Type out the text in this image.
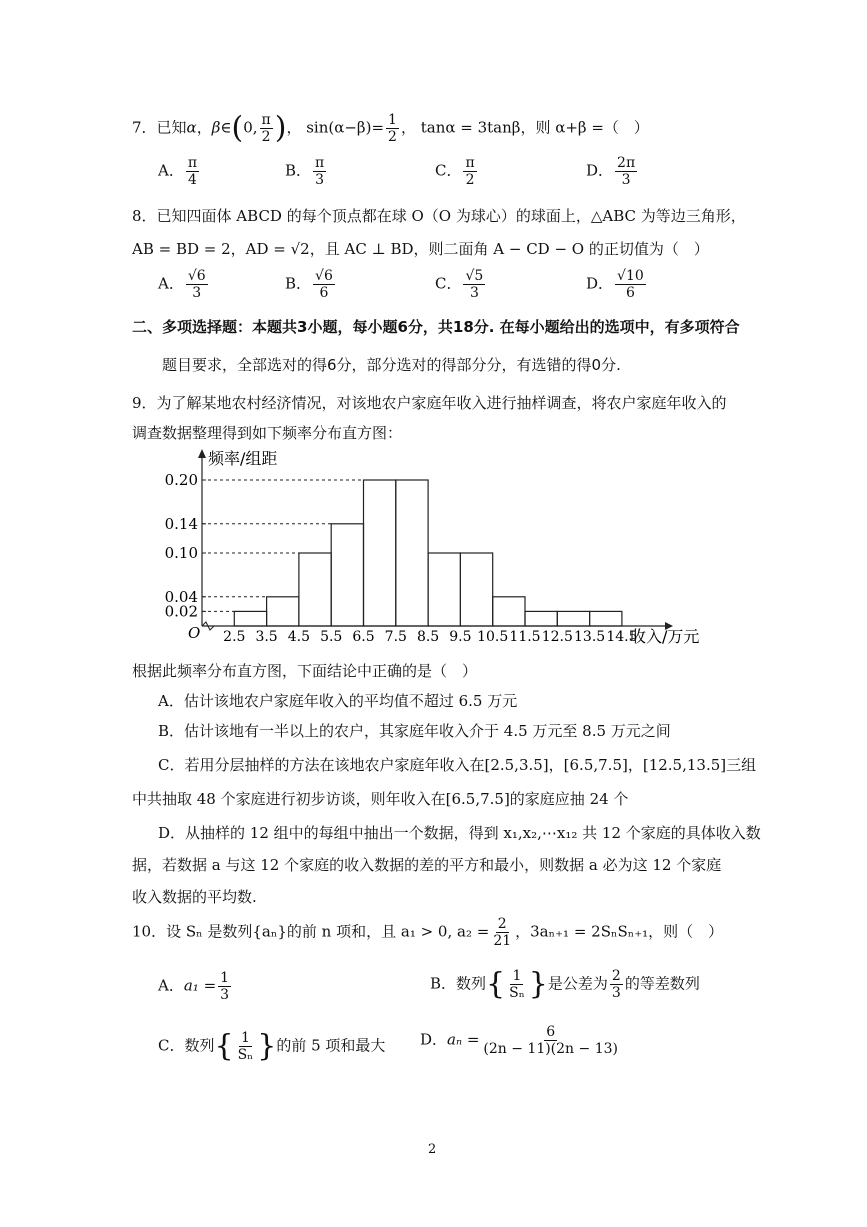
7．已知α，β∈(0, $\frac{\pi}{2}$ )， $\sin(\alpha-\beta)= \frac{1}{2}$ ， tanα = 3tanβ，则 α+β =（　）
A． $\frac{\pi}{4}$	B． $\frac{\pi}{3}$	C． $\frac{\pi}{2}$	D． $\frac{2\pi}{3}$
8．已知四面体 ABCD 的每个顶点都在球 O（O 为球心）的球面上，△ABC 为等边三角形，
AB = BD = 2，AD = √2，且 AC ⊥ BD，则二面角 A − CD − O 的正切值为（　）
A． $\frac{√6}{3}$	B． $\frac{√6}{6}$	C． $\frac{√5}{3}$	D． $\frac{√10}{6}$
二、多项选择题：本题共3小题，每小题6分，共18分. 在每小题给出的选项中，有多项符合
题目要求，全部选对的得6分，部分选对的得部分分，有选错的得0分.
9．为了解某地农村经济情况，对该地农户家庭年收入进行抽样调查，将农户家庭年收入的
调查数据整理得到如下频率分布直方图：
0.20
0.14
0.10
0.04
0.02
2.5 3.5 4.5 5.5 6.5 7.5 8.5 9.5 10.5 11.5 12.5 13.5 14.5
O
频率/组距
收入/万元
根据此频率分布直方图，下面结论中正确的是（　）
A．估计该地农户家庭年收入的平均值不超过 6.5 万元
B．估计该地有一半以上的农户，其家庭年收入介于 4.5 万元至 8.5 万元之间
C．若用分层抽样的方法在该地农户家庭年收入在[2.5,3.5]，[6.5,7.5]，[12.5,13.5]三组
中共抽取 48 个家庭进行初步访谈，则年收入在[6.5,7.5]的家庭应抽 24 个
D．从抽样的 12 组中的每组中抽出一个数据，得到 x₁,x₂,⋯x₁₂ 共 12 个家庭的具体收入数
据，若数据 a 与这 12 个家庭的收入数据的差的平方和最小，则数据 a 必为这 12 个家庭
收入数据的平均数.
10．设 Sₙ 是数列{aₙ}的前 n 项和，且 a₁ > 0, $a_2 = \frac{2}{21}$ ，3aₙ₊₁ = 2SₙSₙ₊₁，则（　）
A．$a_1 = \frac{1}{3}$	B．数列{ $\frac{1}{\text{Sₙ}}$ }是公差为 $\frac{2}{3}$ 的等差数列
C．数列{ $\frac{1}{\text{Sₙ}}$ }的前 5 项和最大 D．$a_n = \frac{6}{(2n - 11)(2n - 13)}$
2
